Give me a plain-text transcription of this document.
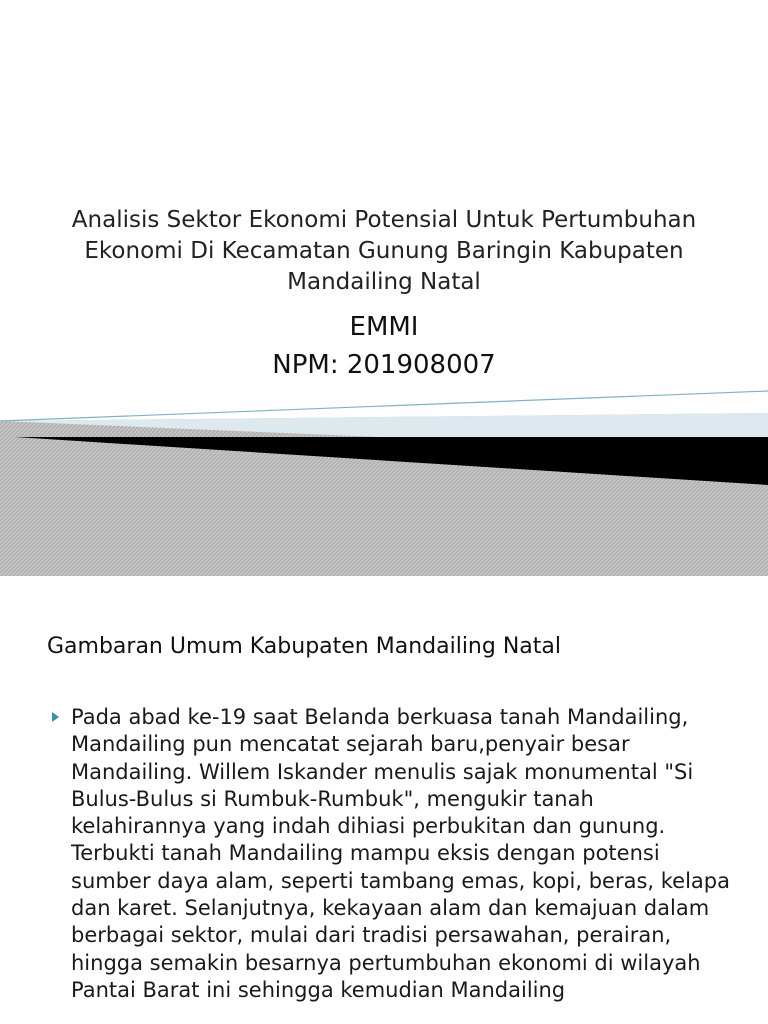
Analisis Sektor Ekonomi Potensial Untuk Pertumbuhan Ekonomi Di Kecamatan Gunung Baringin Kabupaten Mandailing Natal
EMMI
NPM: 201908007
Gambaran Umum Kabupaten Mandailing Natal
Pada abad ke-19 saat Belanda berkuasa tanah Mandailing, Mandailing pun mencatat sejarah baru,penyair besar Mandailing. Willem Iskander menulis sajak monumental "Si Bulus-Bulus si Rumbuk-Rumbuk", mengukir tanah kelahirannya yang indah dihiasi perbukitan dan gunung. Terbukti tanah Mandailing mampu eksis dengan potensi sumber daya alam, seperti tambang emas, kopi, beras, kelapa dan karet. Selanjutnya, kekayaan alam dan kemajuan dalam berbagai sektor, mulai dari tradisi persawahan, perairan, hingga semakin besarnya pertumbuhan ekonomi di wilayah Pantai Barat ini sehingga kemudian Mandailing
